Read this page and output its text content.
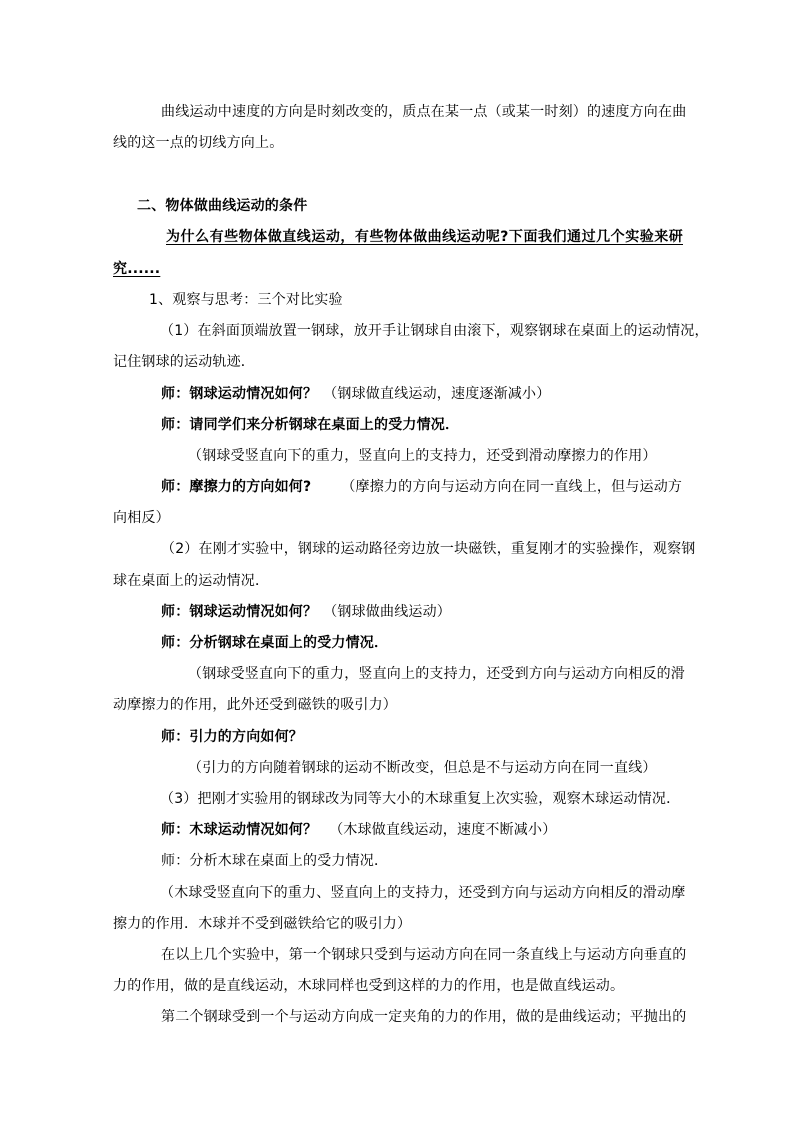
曲线运动中速度的方向是时刻改变的，质点在某一点（或某一时刻）的速度方向在曲
线的这一点的切线方向上。
二、物体做曲线运动的条件
为什么有些物体做直线运动，有些物体做曲线运动呢?下面我们通过几个实验来研
究......
1、观察与思考：三个对比实验
（1）在斜面顶端放置一钢球，放开手让钢球自由滚下，观察钢球在桌面上的运动情况，
记住钢球的运动轨迹．
师：钢球运动情况如何？ （钢球做直线运动，速度逐渐减小）
师：请同学们来分析钢球在桌面上的受力情况．
（钢球受竖直向下的重力，竖直向上的支持力，还受到滑动摩擦力的作用）
师：摩擦力的方向如何? （摩擦力的方向与运动方向在同一直线上，但与运动方
向相反）
（2）在刚才实验中，钢球的运动路径旁边放一块磁铁，重复刚才的实验操作，观察钢
球在桌面上的运动情况．
师：钢球运动情况如何？ （钢球做曲线运动）
师：分析钢球在桌面上的受力情况．
（钢球受竖直向下的重力，竖直向上的支持力，还受到方向与运动方向相反的滑
动摩擦力的作用，此外还受到磁铁的吸引力）
师：引力的方向如何？
（引力的方向随着钢球的运动不断改变，但总是不与运动方向在同一直线）
（3）把刚才实验用的钢球改为同等大小的木球重复上次实验，观察木球运动情况．
师：木球运动情况如何？ （木球做直线运动，速度不断减小）
师：分析木球在桌面上的受力情况．
（木球受竖直向下的重力、竖直向上的支持力，还受到方向与运动方向相反的滑动摩
擦力的作用．木球并不受到磁铁给它的吸引力）
在以上几个实验中，第一个钢球只受到与运动方向在同一条直线上与运动方向垂直的
力的作用，做的是直线运动，木球同样也受到这样的力的作用，也是做直线运动。
第二个钢球受到一个与运动方向成一定夹角的力的作用，做的是曲线运动；平抛出的
